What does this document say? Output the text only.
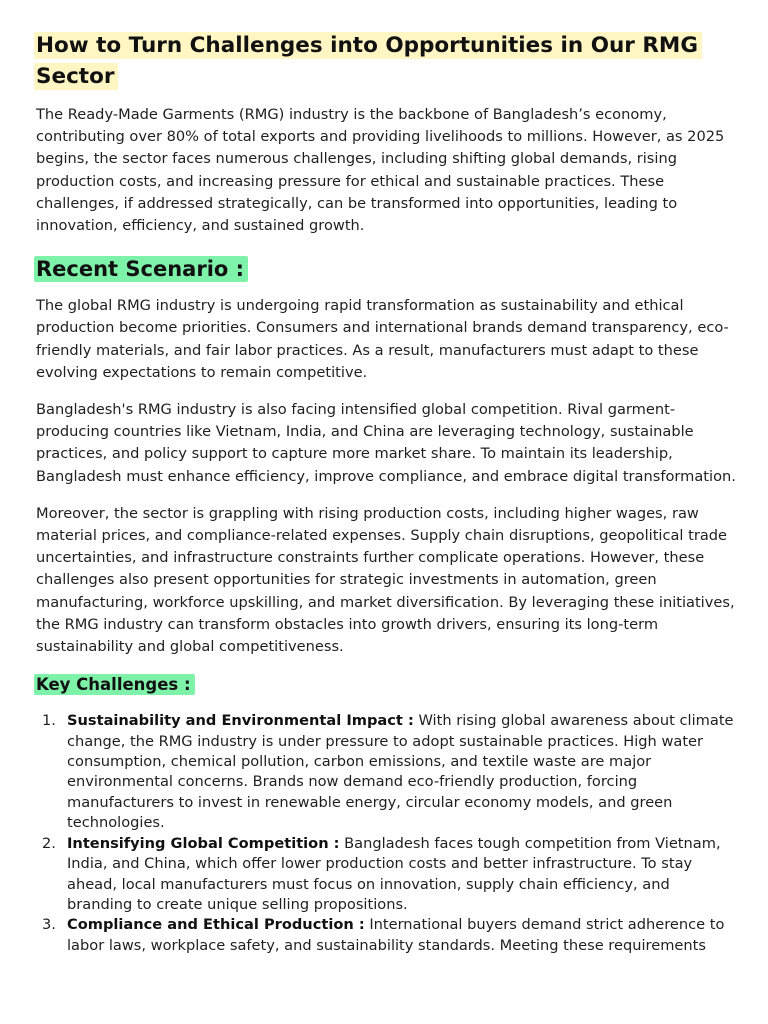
How to Turn Challenges into Opportunities in Our RMG Sector

The Ready-Made Garments (RMG) industry is the backbone of Bangladesh’s economy, contributing over 80% of total exports and providing livelihoods to millions. However, as 2025 begins, the sector faces numerous challenges, including shifting global demands, rising production costs, and increasing pressure for ethical and sustainable practices. These challenges, if addressed strategically, can be transformed into opportunities, leading to innovation, efficiency, and sustained growth.

Recent Scenario :

The global RMG industry is undergoing rapid transformation as sustainability and ethical production become priorities. Consumers and international brands demand transparency, eco-friendly materials, and fair labor practices. As a result, manufacturers must adapt to these evolving expectations to remain competitive.

Bangladesh's RMG industry is also facing intensified global competition. Rival garment-producing countries like Vietnam, India, and China are leveraging technology, sustainable practices, and policy support to capture more market share. To maintain its leadership, Bangladesh must enhance efficiency, improve compliance, and embrace digital transformation.

Moreover, the sector is grappling with rising production costs, including higher wages, raw material prices, and compliance-related expenses. Supply chain disruptions, geopolitical trade uncertainties, and infrastructure constraints further complicate operations. However, these challenges also present opportunities for strategic investments in automation, green manufacturing, workforce upskilling, and market diversification. By leveraging these initiatives, the RMG industry can transform obstacles into growth drivers, ensuring its long-term sustainability and global competitiveness.

Key Challenges :
1. Sustainability and Environmental Impact : With rising global awareness about climate change, the RMG industry is under pressure to adopt sustainable practices. High water consumption, chemical pollution, carbon emissions, and textile waste are major environmental concerns. Brands now demand eco-friendly production, forcing manufacturers to invest in renewable energy, circular economy models, and green technologies.
2. Intensifying Global Competition : Bangladesh faces tough competition from Vietnam, India, and China, which offer lower production costs and better infrastructure. To stay ahead, local manufacturers must focus on innovation, supply chain efficiency, and branding to create unique selling propositions.
3. Compliance and Ethical Production : International buyers demand strict adherence to labor laws, workplace safety, and sustainability standards. Meeting these requirements
